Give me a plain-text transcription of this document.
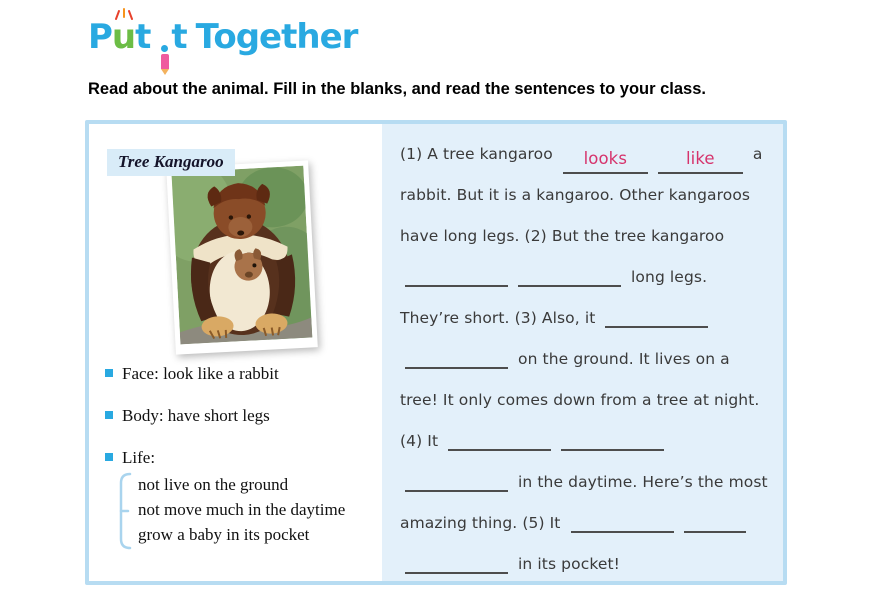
P
ut t Together
Read about the animal. Fill in the blanks, and read the sentences to your class.
Tree Kangaroo
Face: look like a rabbit
Body: have short legs
Life:
not live on the ground
not move much in the daytime
grow a baby in its pocket

(1) A tree kangaroo looks	like a rabbit. But it is a kangaroo. Other kangaroos have long legs. (2) But the tree kangaroo  long legs. They’re short. (3) Also, it  on the ground. It lives on a tree! It only comes down from a tree at night. (4) It  in the daytime. Here’s the most amazing thing. (5) It  in its pocket!
